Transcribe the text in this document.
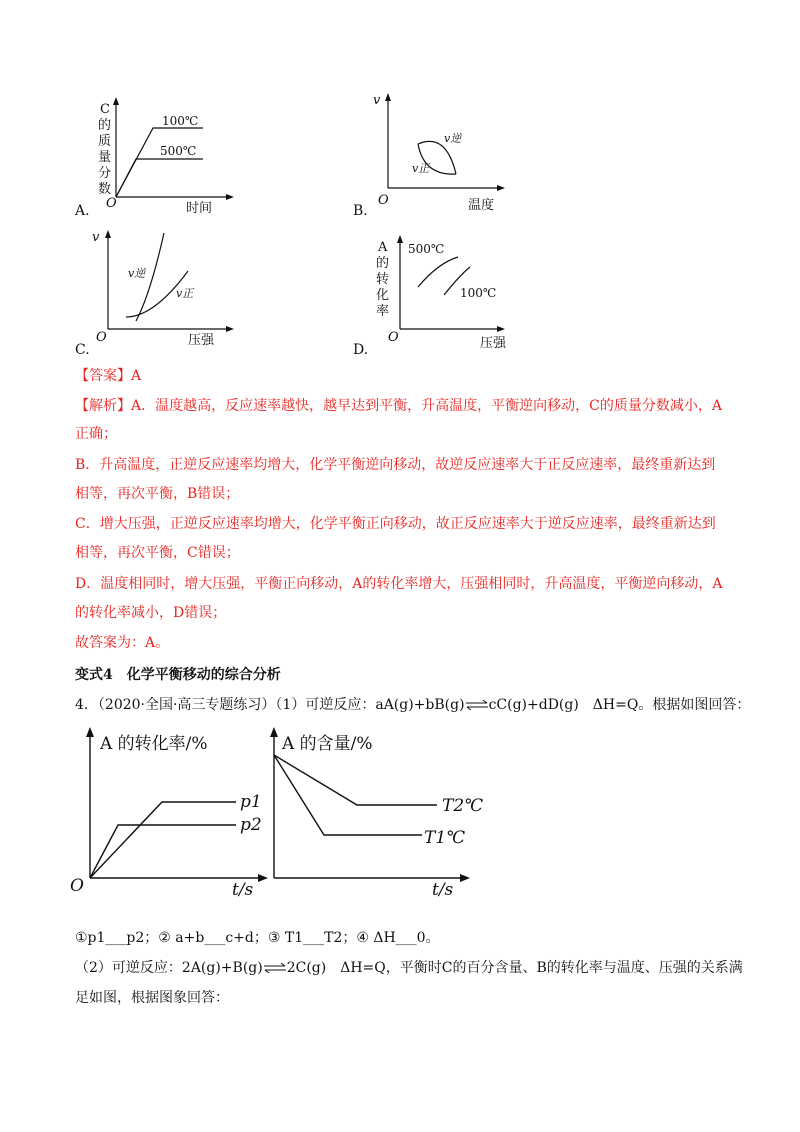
A.
C
的
质
量
分
数
O	时间
100℃
500℃
B.
v
O	温度
v逆
v正
C.
v
O	压强
v逆
v正
D.
A
的
转
化
率
O	压强
500℃
100℃
【答案】A
【解析】A．温度越高，反应速率越快，越早达到平衡，升高温度，平衡逆向移动，C的质量分数减小，A
正确；
B．升高温度，正逆反应速率均增大，化学平衡逆向移动，故逆反应速率大于正反应速率，最终重新达到
相等，再次平衡，B错误；
C．增大压强，正逆反应速率均增大，化学平衡正向移动，故正反应速率大于逆反应速率，最终重新达到
相等，再次平衡，C错误；
D．温度相同时，增大压强，平衡正向移动，A的转化率增大，压强相同时，升高温度，平衡逆向移动，A
的转化率减小，D错误；
故答案为：A。
变式4　化学平衡移动的综合分析
4．（2020·全国·高三专题练习）（1）可逆反应：aA(g)+bB(g)⇌cC(g)+dD(g)　ΔH=Q。根据如图回答：
A 的转化率/%
O	t/s
p1
p2
A 的含量/%
t/s
T2℃
T1℃
①p1___p2；② a+b___c+d；③ T1___T2；④ ΔH___0。
（2）可逆反应：2A(g)+B(g)⇌2C(g)　ΔH=Q，平衡时C的百分含量、B的转化率与温度、压强的关系满
足如图，根据图象回答：
